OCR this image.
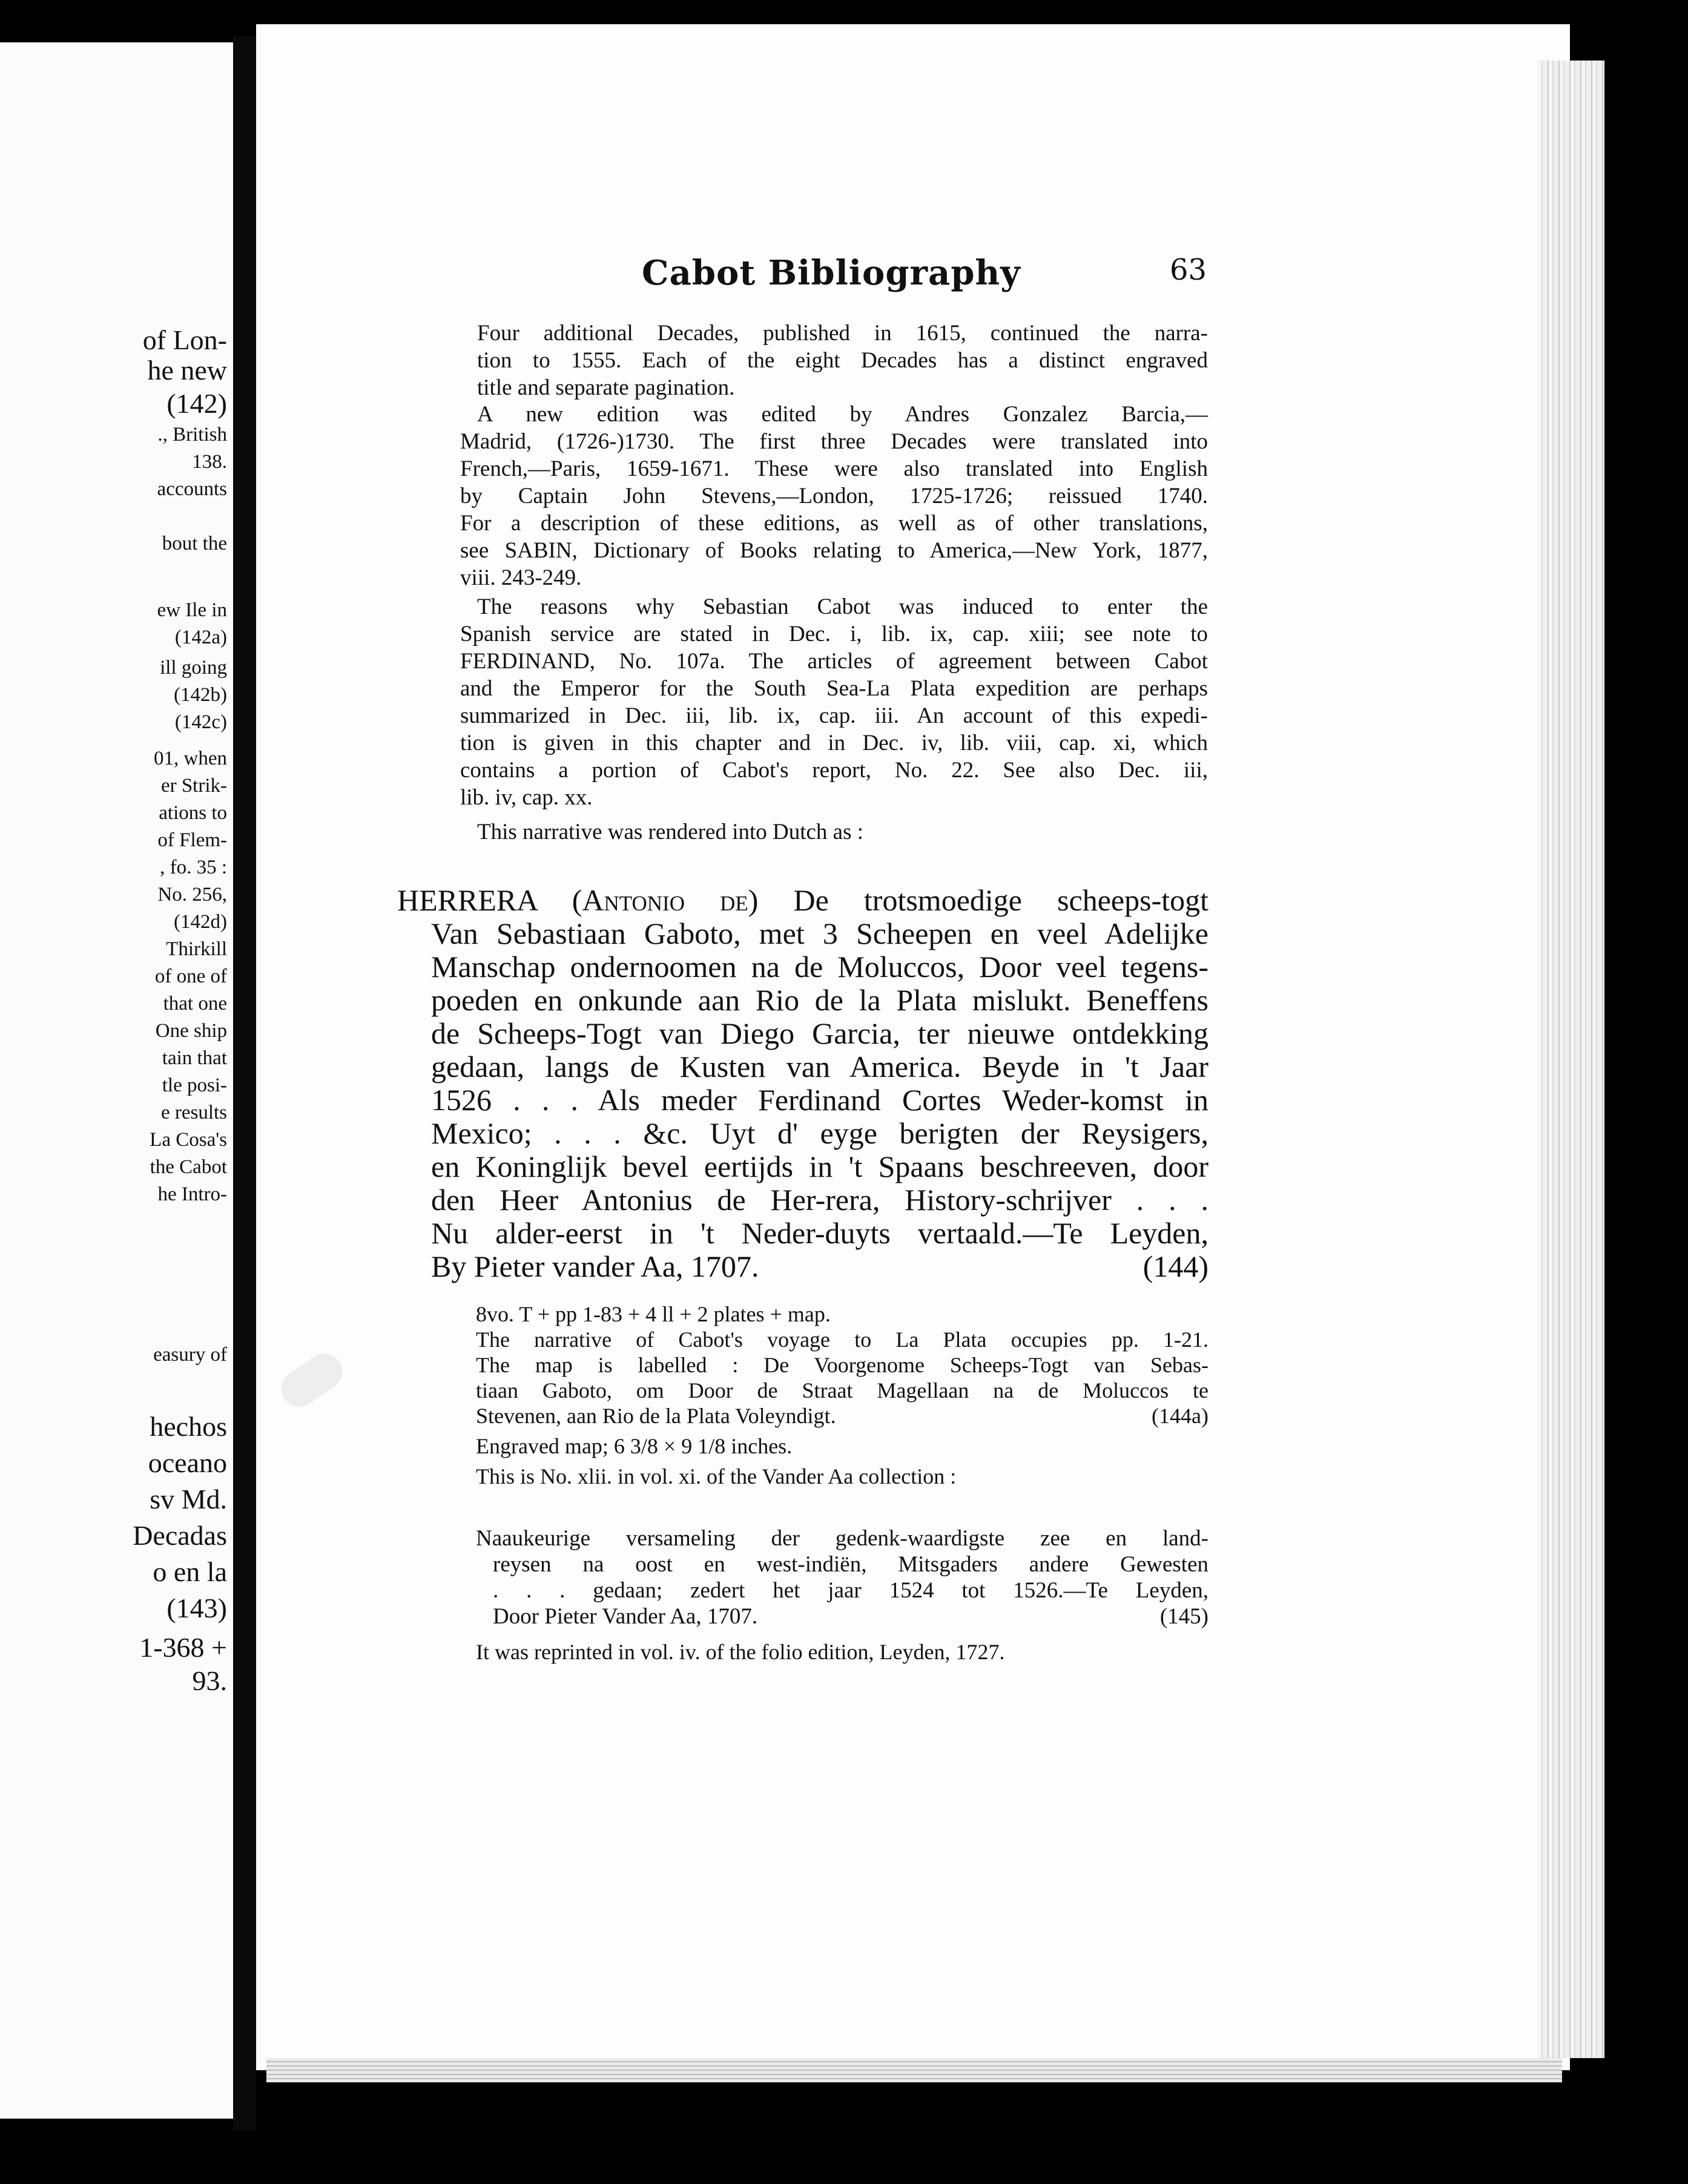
of Lon-
he new
(142)
., British
138.
accounts
bout the
ew Ile in
(142a)
ill going
(142b)
(142c)
01, when
er Strik-
ations to
of Flem-
, fo. 35 :
No. 256,
(142d)
Thirkill
of one of
that one
One ship
tain that
tle posi-
e results
La Cosa's
the Cabot
he Intro-
easury of
hechos
oceano
sv Md.
Decadas
o en la
(143)
1-368 +
93.
Cabot Bibliography	63
Four additional Decades, published in 1615, continued the narra-
tion to 1555. Each of the eight Decades has a distinct engraved
title and separate pagination.
A new edition was edited by Andres Gonzalez Barcia,—
Madrid, (1726-)1730. The first three Decades were translated into
French,—Paris, 1659-1671. These were also translated into English
by Captain John Stevens,—London, 1725-1726; reissued 1740.
For a description of these editions, as well as of other translations,
see SABIN, Dictionary of Books relating to America,—New York, 1877,
viii. 243-249.
The reasons why Sebastian Cabot was induced to enter the
Spanish service are stated in Dec. i, lib. ix, cap. xiii; see note to
FERDINAND, No. 107a. The articles of agreement between Cabot
and the Emperor for the South Sea-La Plata expedition are perhaps
summarized in Dec. iii, lib. ix, cap. iii. An account of this expedi-
tion is given in this chapter and in Dec. iv, lib. viii, cap. xi, which
contains a portion of Cabot's report, No. 22. See also Dec. iii,
lib. iv, cap. xx.
This narrative was rendered into Dutch as :
HERRERA (Antonio de) De trotsmoedige scheeps-togt
Van Sebastiaan Gaboto, met 3 Scheepen en veel Adelijke
Manschap ondernoomen na de Moluccos, Door veel tegens-
poeden en onkunde aan Rio de la Plata mislukt. Beneffens
de Scheeps-Togt van Diego Garcia, ter nieuwe ontdekking
gedaan, langs de Kusten van America. Beyde in 't Jaar
1526 . . . Als meder Ferdinand Cortes Weder-komst in
Mexico; . . . &c. Uyt d' eyge berigten der Reysigers,
en Koninglijk bevel eertijds in 't Spaans beschreeven, door
den Heer Antonius de Her-rera, History-schrijver . . .
Nu alder-eerst in 't Neder-duyts vertaald.—Te Leyden,
By Pieter vander Aa, 1707.	(144)
8vo. T + pp 1-83 + 4 ll + 2 plates + map.
The narrative of Cabot's voyage to La Plata occupies pp. 1-21.
The map is labelled : De Voorgenome Scheeps-Togt van Sebas-
tiaan Gaboto, om Door de Straat Magellaan na de Moluccos te
Stevenen, aan Rio de la Plata Voleyndigt.	(144a)
Engraved map; 6 3/8 × 9 1/8 inches.
This is No. xlii. in vol. xi. of the Vander Aa collection :
Naaukeurige versameling der gedenk-waardigste zee en land-
reysen na oost en west-indiën, Mitsgaders andere Gewesten
. . . gedaan; zedert het jaar 1524 tot 1526.—Te Leyden,
Door Pieter Vander Aa, 1707.	(145)
It was reprinted in vol. iv. of the folio edition, Leyden, 1727.
